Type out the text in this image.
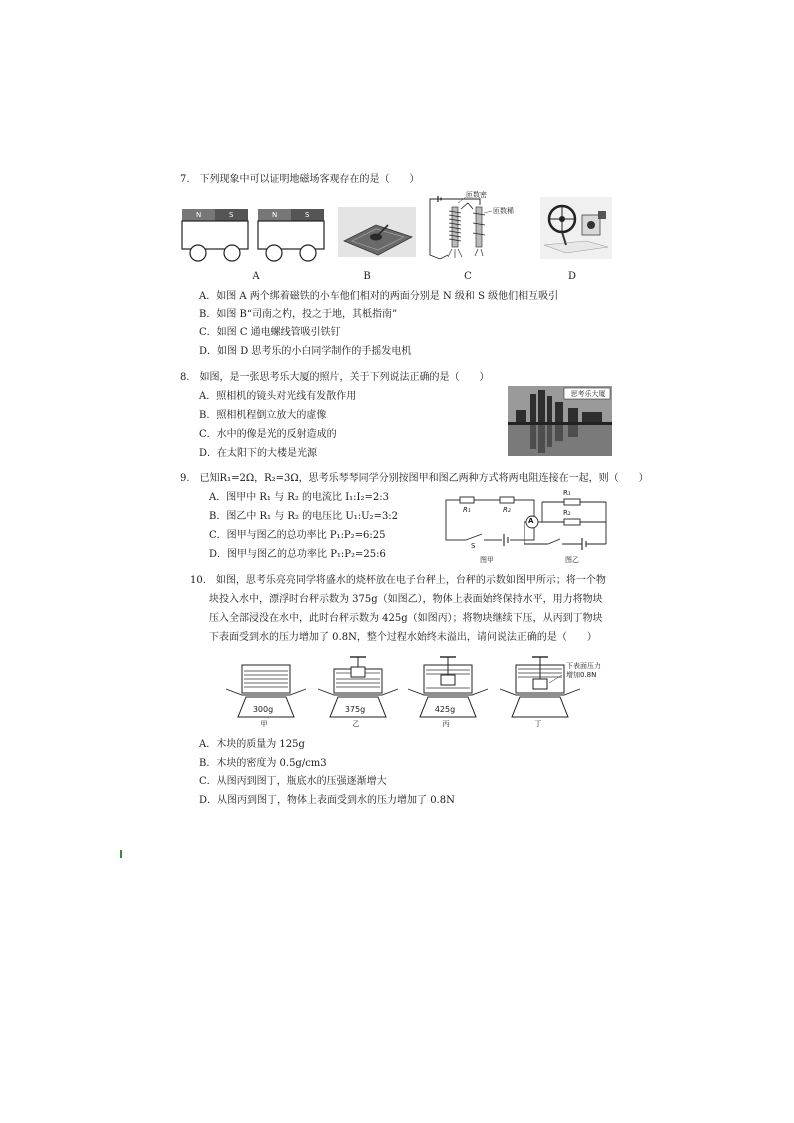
7.　下列现象中可以证明地磁场客观存在的是（　　）
N	S	N	S
匝数密
匝数稀
A	B	C	D
A．如图 A 两个绑着磁铁的小车他们相对的两面分别是 N 级和 S 级他们相互吸引
B．如图 B“司南之杓，投之于地，其柢指南”
C．如图 C 通电螺线管吸引铁钉
D．如图 D 思考乐的小白同学制作的手摇发电机
8.　如图，是一张思考乐大厦的照片，关于下列说法正确的是（　　）
A．照相机的镜头对光线有发散作用
B．照相机程倒立放大的虚像
C．水中的像是光的反射造成的
D．在太阳下的大楼是光源
思考乐大厦
9.　已知R₁=2Ω，R₂=3Ω，思考乐琴琴同学分别按图甲和图乙两种方式将两电阻连接在一起，则（　　）
A．图甲中 R₁ 与 R₂ 的电流比 I₁:I₂=2:3
B．图乙中 R₁ 与 R₂ 的电压比 U₁:U₂=3:2
C．图甲与图乙的总功率比 P₁:P₂=6:25
D．图甲与图乙的总功率比 P₁:P₂=25:6
R₁	R₂
S
图甲
A
R₁
R₂
图乙
10.　如图，思考乐亮亮同学将盛水的烧杯放在电子台秤上，台秤的示数如图甲所示；将一个物
块投入水中，漂浮时台秤示数为 375g（如图乙），物体上表面始终保持水平，用力将物块
压入全部浸没在水中，此时台秤示数为 425g（如图丙）；将物块继续下压，从丙到丁物块
下表面受到水的压力增加了 0.8N，整个过程水始终未溢出，请问说法正确的是（　　）
300g	375g	425g
甲	乙	丙	丁
下表面压力
增加0.8N
A．木块的质量为 125g
B．木块的密度为 0.5g/cm3
C．从图丙到图丁，瓶底水的压强逐渐增大
D．从图丙到图丁，物体上表面受到水的压力增加了 0.8N
